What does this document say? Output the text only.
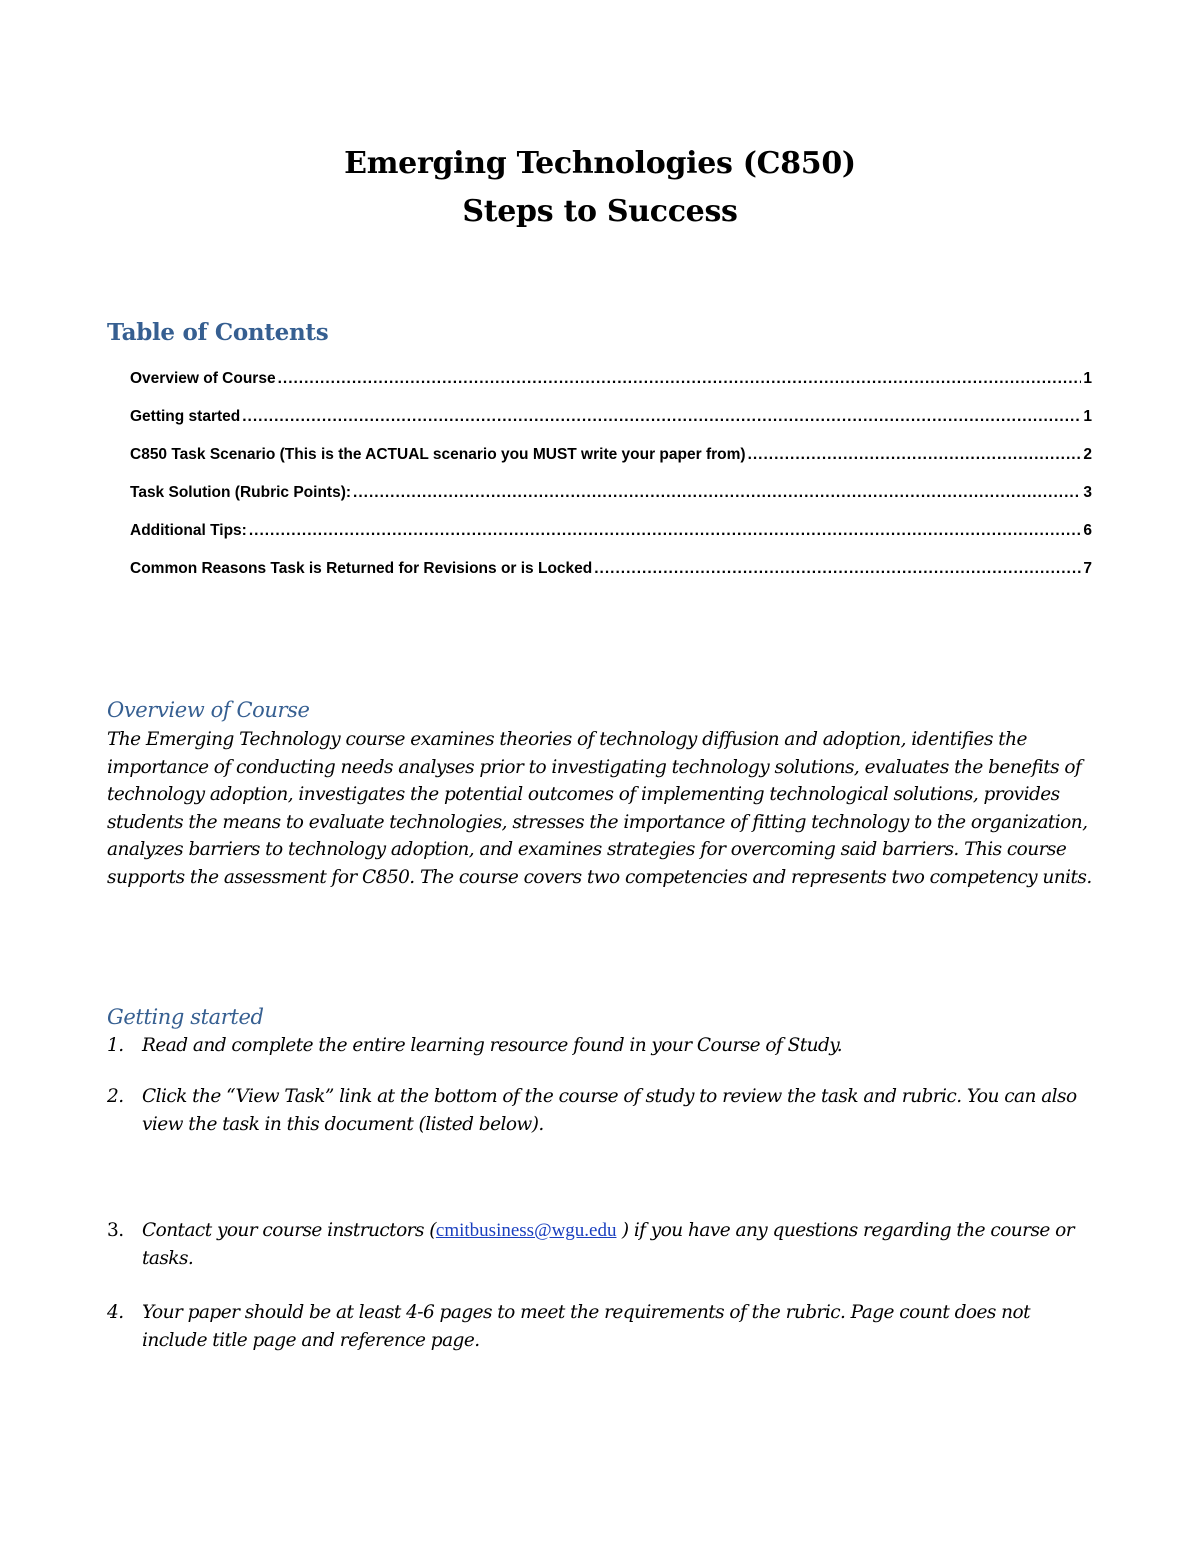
Emerging Technologies (C850)
Steps to Success
Table of Contents
Overview of Course .....	1
Getting started .....	1
C850 Task Scenario (This is the ACTUAL scenario you MUST write your paper from) .....	2
Task Solution (Rubric Points): .....	3
Additional Tips: .....	6
Common Reasons Task is Returned for Revisions or is Locked .....	7
Overview of Course

The Emerging Technology course examines theories of technology diffusion and adoption, identifies the importance of conducting needs analyses prior to investigating technology solutions, evaluates the benefits of technology adoption, investigates the potential outcomes of implementing technological solutions, provides students the means to evaluate technologies, stresses the importance of fitting technology to the organization, analyzes barriers to technology adoption, and examines strategies for overcoming said barriers. This course supports the assessment for C850. The course covers two competencies and represents two competency units.

Getting started
1. Read and complete the entire learning resource found in your Course of Study.
2. Click the “View Task” link at the bottom of the course of study to review the task and rubric. You can also view the task in this document (listed below).
3. Contact your course instructors (cmitbusiness@wgu.edu ) if you have any questions regarding the course or tasks.
4. Your paper should be at least 4-6 pages to meet the requirements of the rubric. Page count does not include title page and reference page.
